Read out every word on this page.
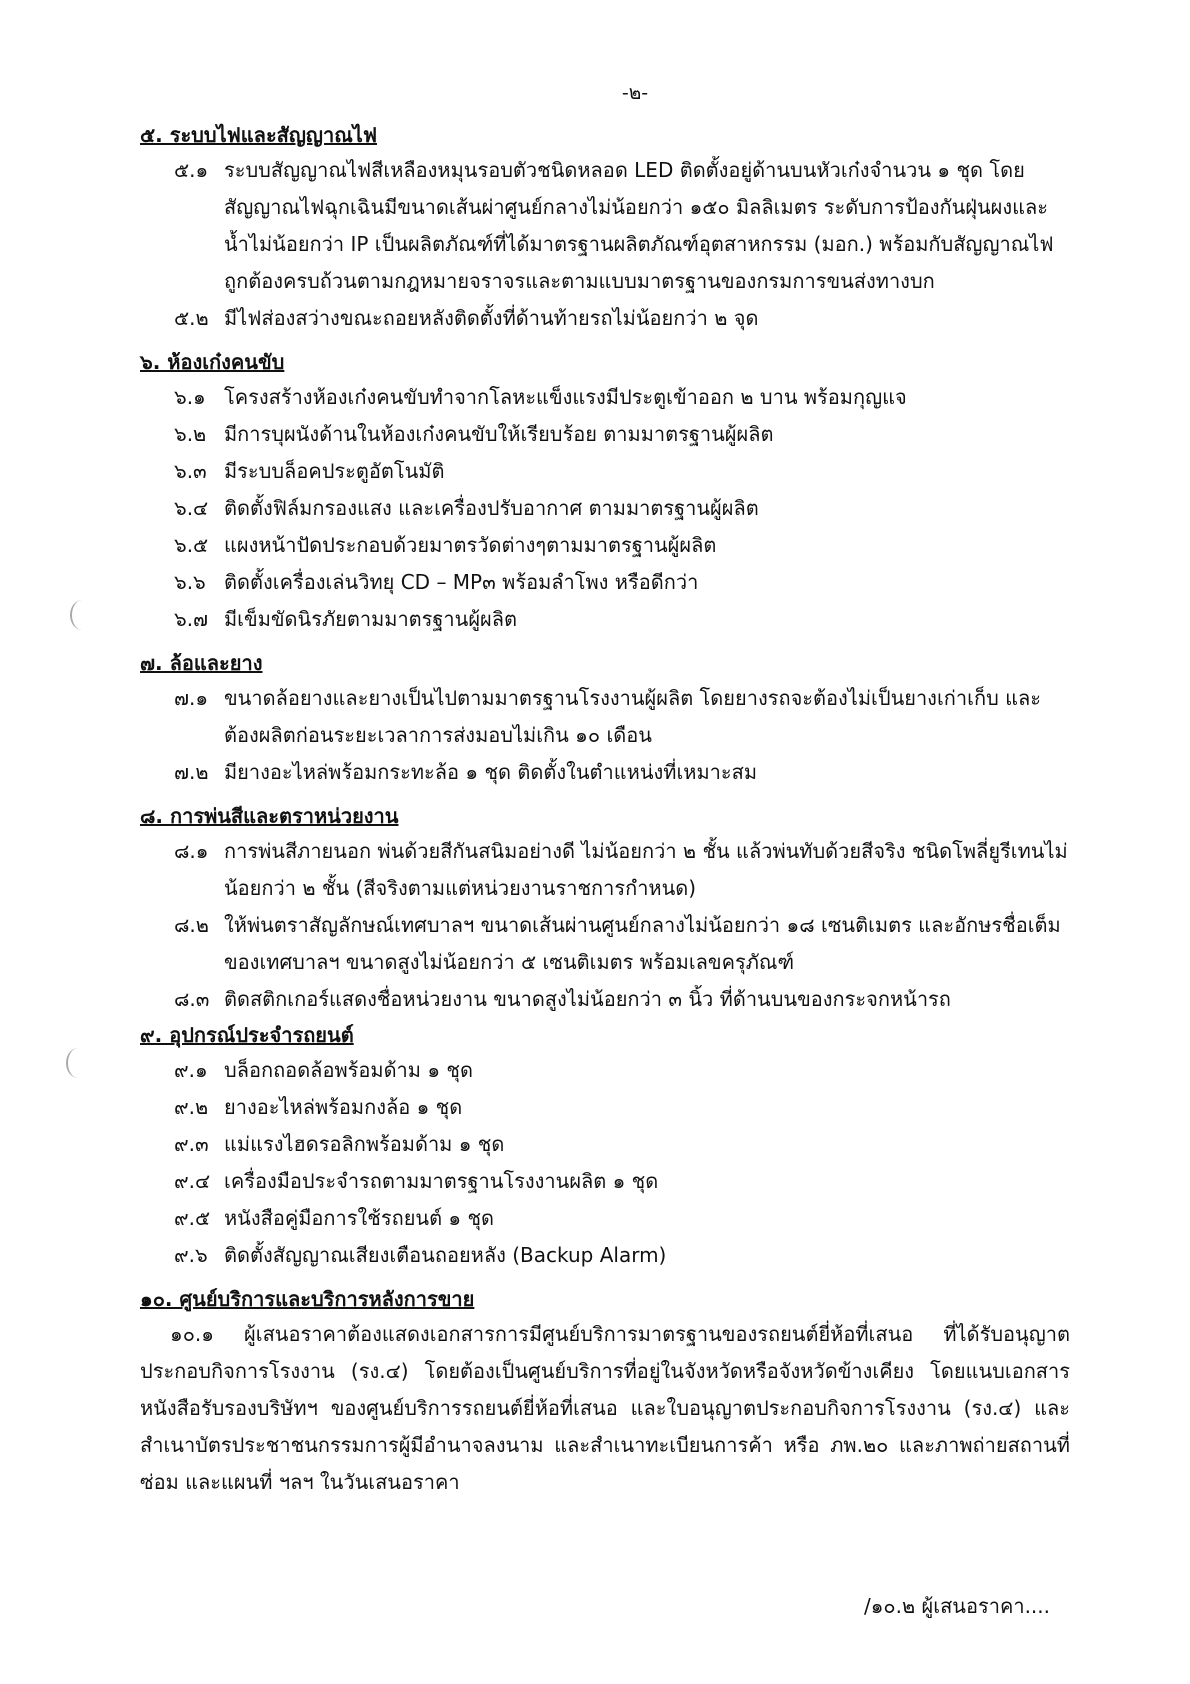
-๒-

๕. ระบบไฟและสัญญาณไฟ

๕.๑ ระบบสัญญาณไฟสีเหลืองหมุนรอบตัวชนิดหลอด LED ติดตั้งอยู่ด้านบนหัวเก๋งจำนวน ๑ ชุด โดยสัญญาณไฟฉุกเฉินมีขนาดเส้นผ่าศูนย์กลางไม่น้อยกว่า ๑๕๐ มิลลิเมตร ระดับการป้องกันฝุ่นผงและน้ำไม่น้อยกว่า IP เป็นผลิตภัณฑ์ที่ได้มาตรฐานผลิตภัณฑ์อุตสาหกรรม (มอก.) พร้อมกับสัญญาณไฟถูกต้องครบถ้วนตามกฎหมายจราจรและตามแบบมาตรฐานของกรมการขนส่งทางบก
๕.๒ มีไฟส่องสว่างขณะถอยหลังติดตั้งที่ด้านท้ายรถไม่น้อยกว่า ๒ จุด

๖. ห้องเก๋งคนขับ

๖.๑ โครงสร้างห้องเก๋งคนขับทำจากโลหะแข็งแรงมีประตูเข้าออก ๒ บาน พร้อมกุญแจ
๖.๒ มีการบุผนังด้านในห้องเก๋งคนขับให้เรียบร้อย ตามมาตรฐานผู้ผลิต
๖.๓ มีระบบล็อคประตูอัตโนมัติ
๖.๔ ติดตั้งฟิล์มกรองแสง และเครื่องปรับอากาศ ตามมาตรฐานผู้ผลิต
๖.๕ แผงหน้าปัดประกอบด้วยมาตรวัดต่างๆตามมาตรฐานผู้ผลิต
๖.๖ ติดตั้งเครื่องเล่นวิทยุ CD – MP๓ พร้อมลำโพง หรือดีกว่า
๖.๗ มีเข็มขัดนิรภัยตามมาตรฐานผู้ผลิต

๗. ล้อและยาง

๗.๑ ขนาดล้อยางและยางเป็นไปตามมาตรฐานโรงงานผู้ผลิต โดยยางรถจะต้องไม่เป็นยางเก่าเก็บ และต้องผลิตก่อนระยะเวลาการส่งมอบไม่เกิน ๑๐ เดือน
๗.๒ มียางอะไหล่พร้อมกระทะล้อ ๑ ชุด ติดตั้งในตำแหน่งที่เหมาะสม

๘. การพ่นสีและตราหน่วยงาน

๘.๑ การพ่นสีภายนอก พ่นด้วยสีกันสนิมอย่างดี ไม่น้อยกว่า ๒ ชั้น แล้วพ่นทับด้วยสีจริง ชนิดโพลี่ยูรีเทนไม่น้อยกว่า ๒ ชั้น (สีจริงตามแต่หน่วยงานราชการกำหนด)
๘.๒ ให้พ่นตราสัญลักษณ์เทศบาลฯ ขนาดเส้นผ่านศูนย์กลางไม่น้อยกว่า ๑๘ เซนติเมตร และอักษรชื่อเต็มของเทศบาลฯ ขนาดสูงไม่น้อยกว่า ๕ เซนติเมตร พร้อมเลขครุภัณฑ์
๘.๓ ติดสติกเกอร์แสดงชื่อหน่วยงาน ขนาดสูงไม่น้อยกว่า ๓ นิ้ว ที่ด้านบนของกระจกหน้ารถ

๙. อุปกรณ์ประจำรถยนต์

๙.๑ บล็อกถอดล้อพร้อมด้าม ๑ ชุด
๙.๒ ยางอะไหล่พร้อมกงล้อ ๑ ชุด
๙.๓ แม่แรงไฮดรอลิกพร้อมด้าม ๑ ชุด
๙.๔ เครื่องมือประจำรถตามมาตรฐานโรงงานผลิต ๑ ชุด
๙.๕ หนังสือคู่มือการใช้รถยนต์ ๑ ชุด
๙.๖ ติดตั้งสัญญาณเสียงเตือนถอยหลัง (Backup Alarm)

๑๐. ศูนย์บริการและบริการหลังการขาย

๑๐.๑ ผู้เสนอราคาต้องแสดงเอกสารการมีศูนย์บริการมาตรฐานของรถยนต์ยี่ห้อที่เสนอ ที่ได้รับอนุญาตประกอบกิจการโรงงาน (รง.๔) โดยต้องเป็นศูนย์บริการที่อยู่ในจังหวัดหรือจังหวัดข้างเคียง โดยแนบเอกสารหนังสือรับรองบริษัทฯ ของศูนย์บริการรถยนต์ยี่ห้อที่เสนอ และใบอนุญาตประกอบกิจการโรงงาน (รง.๔) และสำเนาบัตรประชาชนกรรมการผู้มีอำนาจลงนาม และสำเนาทะเบียนการค้า หรือ ภพ.๒๐ และภาพถ่ายสถานที่ซ่อม และแผนที่ ฯลฯ ในวันเสนอราคา

/๑๐.๒ ผู้เสนอราคา....
